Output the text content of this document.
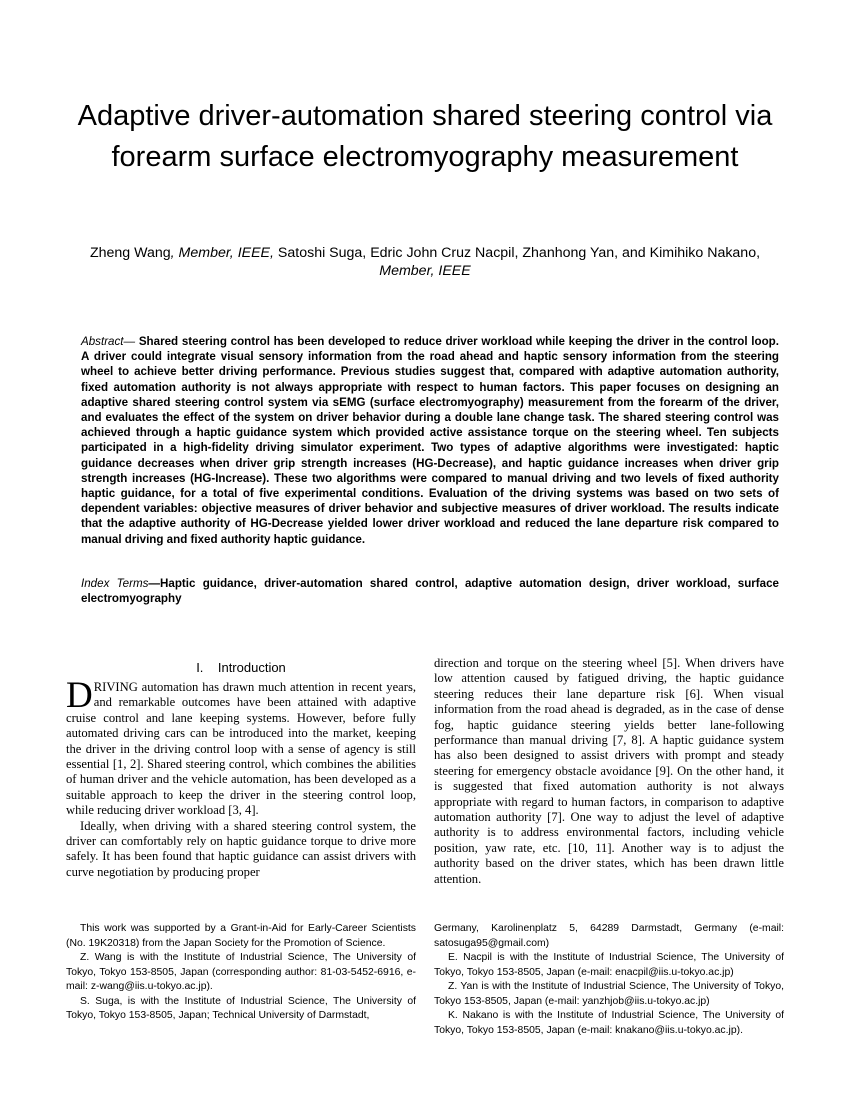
Adaptive driver-automation shared steering control via forearm surface electromyography measurement
Zheng Wang, Member, IEEE, Satoshi Suga, Edric John Cruz Nacpil, Zhanhong Yan, and Kimihiko Nakano, Member, IEEE

Abstract— Shared steering control has been developed to reduce driver workload while keeping the driver in the control loop. A driver could integrate visual sensory information from the road ahead and haptic sensory information from the steering wheel to achieve better driving performance. Previous studies suggest that, compared with adaptive automation authority, fixed automation authority is not always appropriate with respect to human factors. This paper focuses on designing an adaptive shared steering control system via sEMG (surface electromyography) measurement from the forearm of the driver, and evaluates the effect of the system on driver behavior during a double lane change task. The shared steering control was achieved through a haptic guidance system which provided active assistance torque on the steering wheel. Ten subjects participated in a high-fidelity driving simulator experiment. Two types of adaptive algorithms were investigated: haptic guidance decreases when driver grip strength increases (HG-Decrease), and haptic guidance increases when driver grip strength increases (HG-Increase). These two algorithms were compared to manual driving and two levels of fixed authority haptic guidance, for a total of five experimental conditions. Evaluation of the driving systems was based on two sets of dependent variables: objective measures of driver behavior and subjective measures of driver workload. The results indicate that the adaptive authority of HG-Decrease yielded lower driver workload and reduced the lane departure risk compared to manual driving and fixed authority haptic guidance.

Index Terms—Haptic guidance, driver-automation shared control, adaptive automation design, driver workload, surface electromyography

I.    Introduction

DRIVING automation has drawn much attention in recent years, and remarkable outcomes have been attained with adaptive cruise control and lane keeping systems. However, before fully automated driving cars can be introduced into the market, keeping the driver in the driving control loop with a sense of agency is still essential [1, 2]. Shared steering control, which combines the abilities of human driver and the vehicle automation, has been developed as a suitable approach to keep the driver in the steering control loop, while reducing driver workload [3, 4].

Ideally, when driving with a shared steering control system, the driver can comfortably rely on haptic guidance torque to drive more safely. It has been found that haptic guidance can assist drivers with curve negotiation by producing proper

direction and torque on the steering wheel [5]. When drivers have low attention caused by fatigued driving, the haptic guidance steering reduces their lane departure risk [6]. When visual information from the road ahead is degraded, as in the case of dense fog, haptic guidance steering yields better lane-following performance than manual driving [7, 8]. A haptic guidance system has also been designed to assist drivers with prompt and steady steering for emergency obstacle avoidance [9]. On the other hand, it is suggested that fixed automation authority is not always appropriate with regard to human factors, in comparison to adaptive automation authority [7]. One way to adjust the level of adaptive authority is to address environmental factors, including vehicle position, yaw rate, etc. [10, 11]. Another way is to adjust the authority based on the driver states, which has been drawn little attention.

This work was supported by a Grant-in-Aid for Early-Career Scientists (No. 19K20318) from the Japan Society for the Promotion of Science.

Z. Wang is with the Institute of Industrial Science, The University of Tokyo, Tokyo 153-8505, Japan (corresponding author: 81-03-5452-6916, e-mail: z-wang@iis.u-tokyo.ac.jp).

S. Suga, is with the Institute of Industrial Science, The University of Tokyo, Tokyo 153-8505, Japan; Technical University of Darmstadt,

Germany, Karolinenplatz 5, 64289 Darmstadt, Germany (e-mail: satosuga95@gmail.com)

E. Nacpil is with the Institute of Industrial Science, The University of Tokyo, Tokyo 153-8505, Japan (e-mail: enacpil@iis.u-tokyo.ac.jp)

Z. Yan is with the Institute of Industrial Science, The University of Tokyo, Tokyo 153-8505, Japan (e-mail: yanzhjob@iis.u-tokyo.ac.jp)

K. Nakano is with the Institute of Industrial Science, The University of Tokyo, Tokyo 153-8505, Japan (e-mail: knakano@iis.u-tokyo.ac.jp).
